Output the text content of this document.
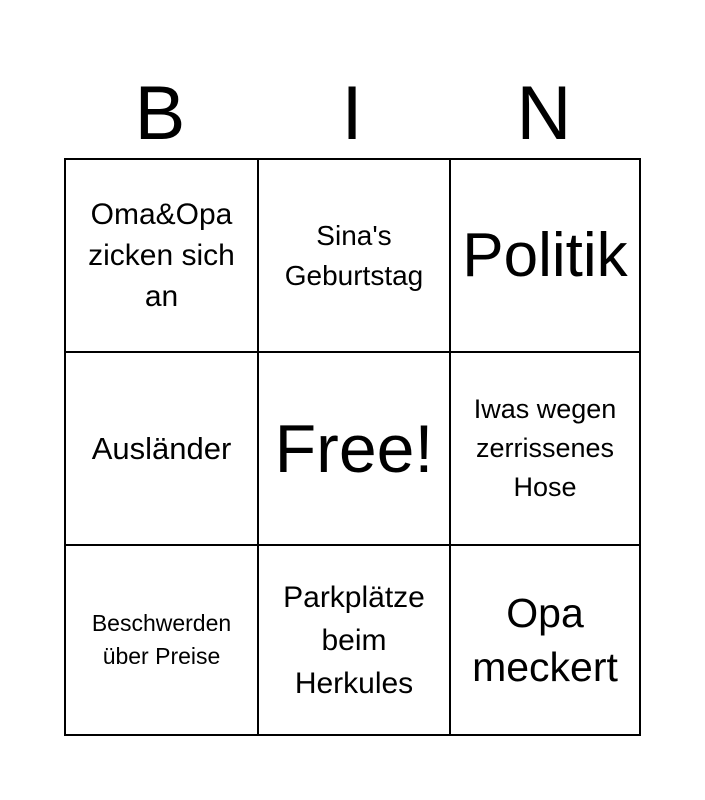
B	I	N
Oma&Opa zicken sich an
Sina's Geburtstag Politik
Ausländer Free!
Iwas wegen zerrissenes Hose
Beschwerden über Preise
Parkplätze beim Herkules
Opa meckert
